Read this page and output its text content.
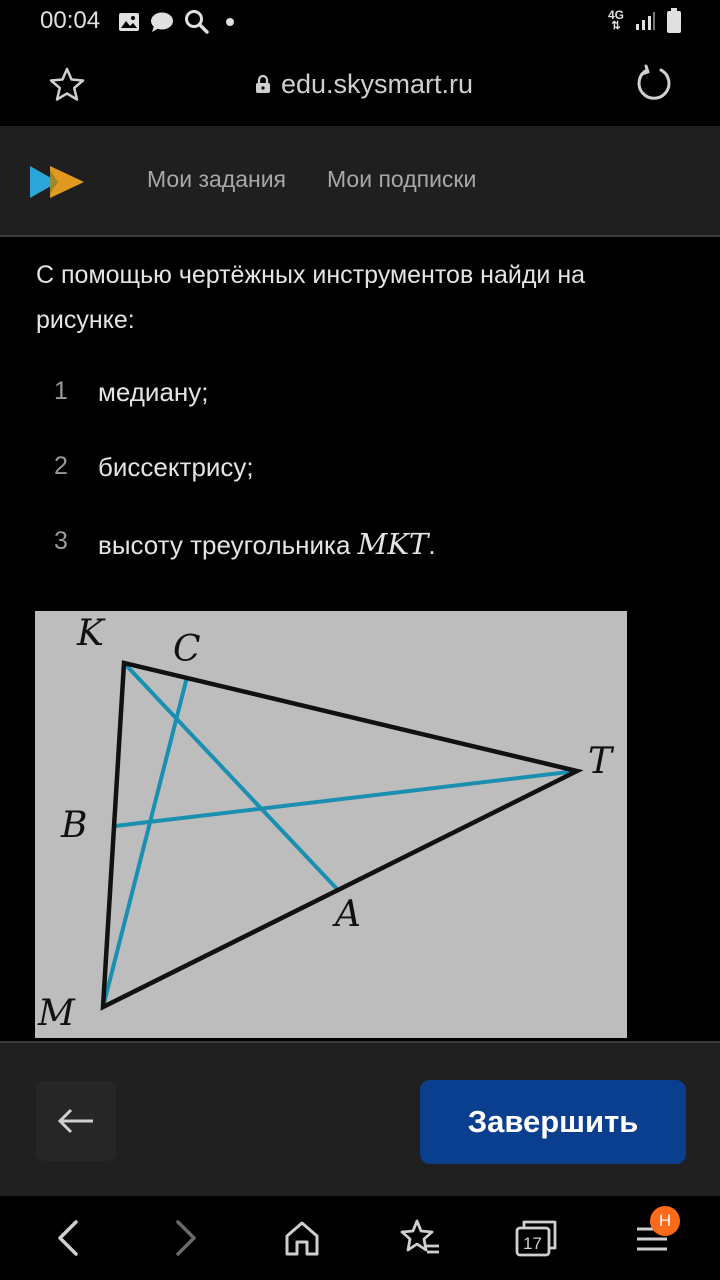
00:04	4G
⇅
edu.skysmart.ru
Мои задания Мои подписки

С помощью чертёжных инструментов найди на рисунке:

1 медиану;
2 биссектрису;
3 высоту треугольника MKT.
K C
T
B
A
M
Завершить
17
H
